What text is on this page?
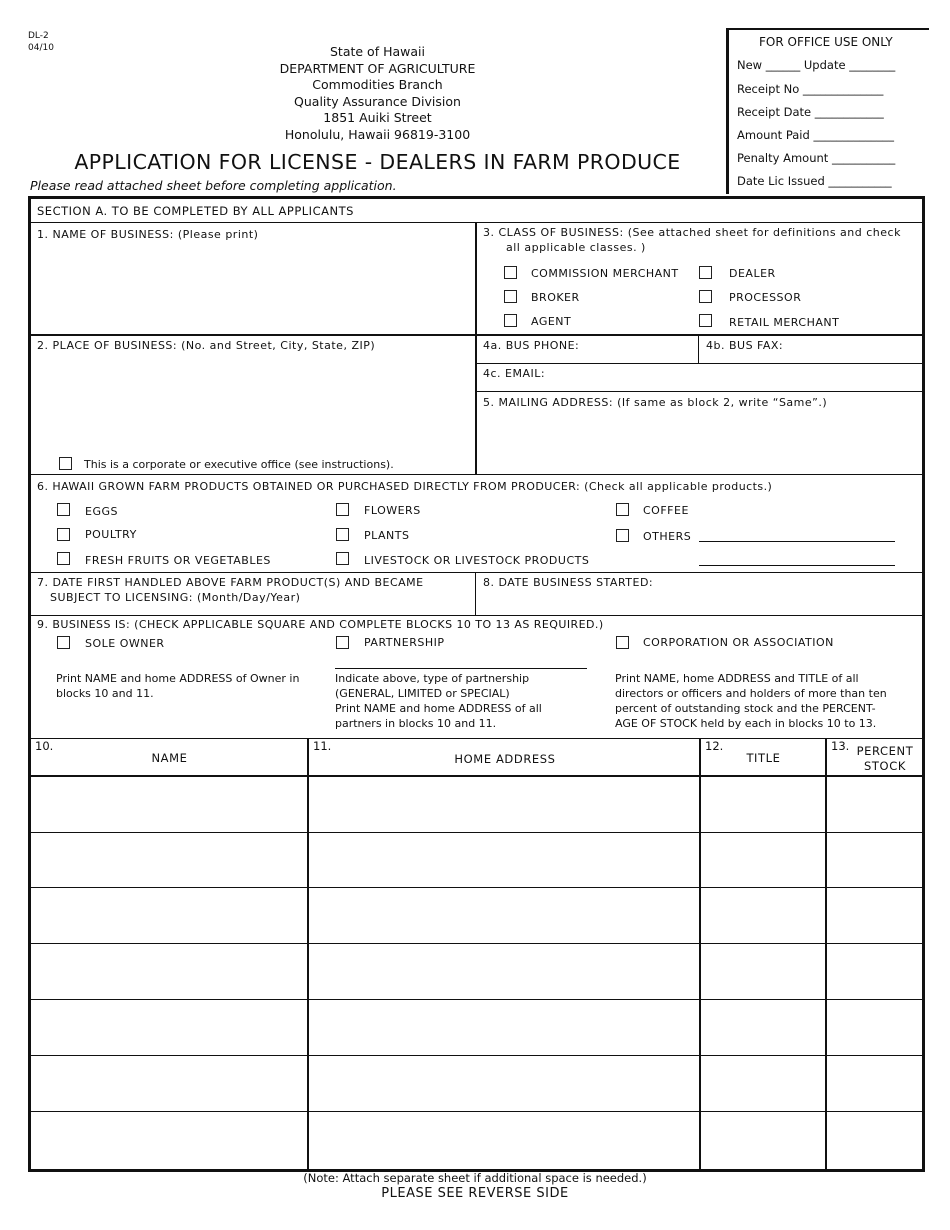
DL-2
04/10	State of Hawaii
DEPARTMENT OF AGRICULTURE
Commodities Branch
Quality Assurance Division
1851 Auiki Street
Honolulu, Hawaii 96819-3100
APPLICATION FOR LICENSE - DEALERS IN FARM PRODUCE
Please read attached sheet before completing application.
FOR OFFICE USE ONLY
New ______ Update ________
Receipt No ______________
Receipt Date ____________
Amount Paid ______________
Penalty Amount ___________
Date Lic Issued ___________
SECTION A. TO BE COMPLETED BY ALL APPLICANTS
1. NAME OF BUSINESS: (Please print)	3. CLASS OF BUSINESS: (See attached sheet for definitions and check
all applicable classes. )
COMMISSION MERCHANT	DEALER
BROKER	PROCESSOR
AGENT	RETAIL MERCHANT
2. PLACE OF BUSINESS: (No. and Street, City, State, ZIP)
This is a corporate or executive office (see instructions).
4a. BUS PHONE:	4b. BUS FAX:
4c. EMAIL:
5. MAILING ADDRESS: (If same as block 2, write “Same”.)
6. HAWAII GROWN FARM PRODUCTS OBTAINED OR PURCHASED DIRECTLY FROM PRODUCER: (Check all applicable products.)
EGGS	FLOWERS	COFFEE
POULTRY	PLANTS	OTHERS
FRESH FRUITS OR VEGETABLES	LIVESTOCK OR LIVESTOCK PRODUCTS
7. DATE FIRST HANDLED ABOVE FARM PRODUCT(S) AND BECAME
SUBJECT TO LICENSING: (Month/Day/Year)
8. DATE BUSINESS STARTED:
9. BUSINESS IS: (CHECK APPLICABLE SQUARE AND COMPLETE BLOCKS 10 TO 13 AS REQUIRED.)
SOLE OWNER	PARTNERSHIP	CORPORATION OR ASSOCIATION
Print NAME and home ADDRESS of Owner in
blocks 10 and 11.
Indicate above, type of partnership
(GENERAL, LIMITED or SPECIAL)
Print NAME and home ADDRESS of all
partners in blocks 10 and 11.
Print NAME, home ADDRESS and TITLE of all
directors or officers and holders of more than ten
percent of outstanding stock and the PERCENT-
AGE OF STOCK held by each in blocks 10 to 13.
10.
NAME
11.
HOME ADDRESS
12.
TITLE
13. PERCENT STOCK
(Note: Attach separate sheet if additional space is needed.)
PLEASE SEE REVERSE SIDE
